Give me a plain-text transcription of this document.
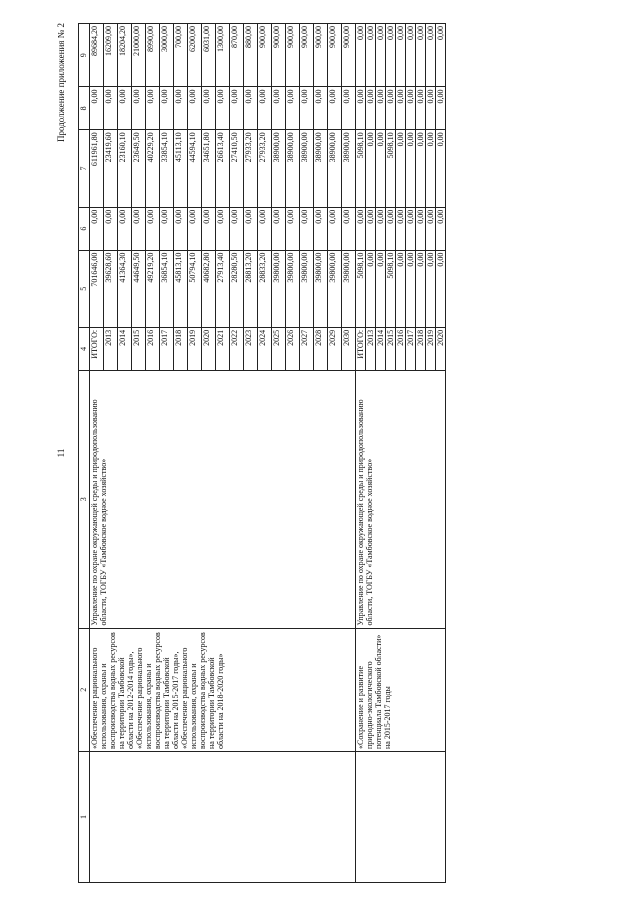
11
Продолжение приложения № 2
1	2	3	4	5	6	7	8	9
	«Обеспечение рационального использования, охраны и воспроизводства водных ресурсов на территории Тамбовской области на 2012-2014 годы», «Обеспечение рационального использования, охраны и воспроизводства водных ресурсов на территории Тамбовской области на 2015-2017 годы», «Обеспечение рационального использования, охраны и воспроизводства водных ресурсов на территории Тамбовской области на 2018-2020 годы»	Управление по охране окружающей среды и природопользованию области, ТОГБУ «Тамбовское водное хозяйство»	ИТОГО:	701646,00	0,00	611961,80	0,00	89684,20
			2013	39628,60	0,00	23419,60	0,00	16209,00
			2014	41364,30	0,00	23160,10	0,00	18204,20
			2015	44649,50	0,00	23649,50	0,00	21000,00
			2016	49219,20	0,00	40229,20	0,00	8990,00
			2017	36854,10	0,00	33854,10	0,00	3000,00
			2018	45813,10	0,00	45113,10	0,00	700,00
			2019	50794,10	0,00	44594,10	0,00	6200,00
			2020	40682,80	0,00	34651,80	0,00	6031,00
			2021	27913,40	0,00	26613,40	0,00	1300,00
			2022	28280,50	0,00	27410,50	0,00	870,00
			2023	28813,20	0,00	27933,20	0,00	880,00
			2024	28833,20	0,00	27933,20	0,00	900,00
			2025	39800,00	0,00	38900,00	0,00	900,00
			2026	39800,00	0,00	38900,00	0,00	900,00
			2027	39800,00	0,00	38900,00	0,00	900,00
			2028	39800,00	0,00	38900,00	0,00	900,00
			2029	39800,00	0,00	38900,00	0,00	900,00
			2030	39800,00	0,00	38900,00	0,00	900,00
	«Сохранение и развитие природно-экологического потенциала Тамбовской области» на 2015-2017 годы	Управление по охране окружающей среды и природопользованию области, ТОГБУ «Тамбовское водное хозяйство»	ИТОГО:	5098,10	0,00	5098,10	0,00	0,00
			2013	0,00	0,00	0,00	0,00	0,00
			2014	0,00	0,00	0,00	0,00	0,00
			2015	5098,10	0,00	5098,10	0,00	0,00
			2016	0,00	0,00	0,00	0,00	0,00
			2017	0,00	0,00	0,00	0,00	0,00
			2018	0,00	0,00	0,00	0,00	0,00
			2019	0,00	0,00	0,00	0,00	0,00
			2020	0,00	0,00	0,00	0,00	0,00
